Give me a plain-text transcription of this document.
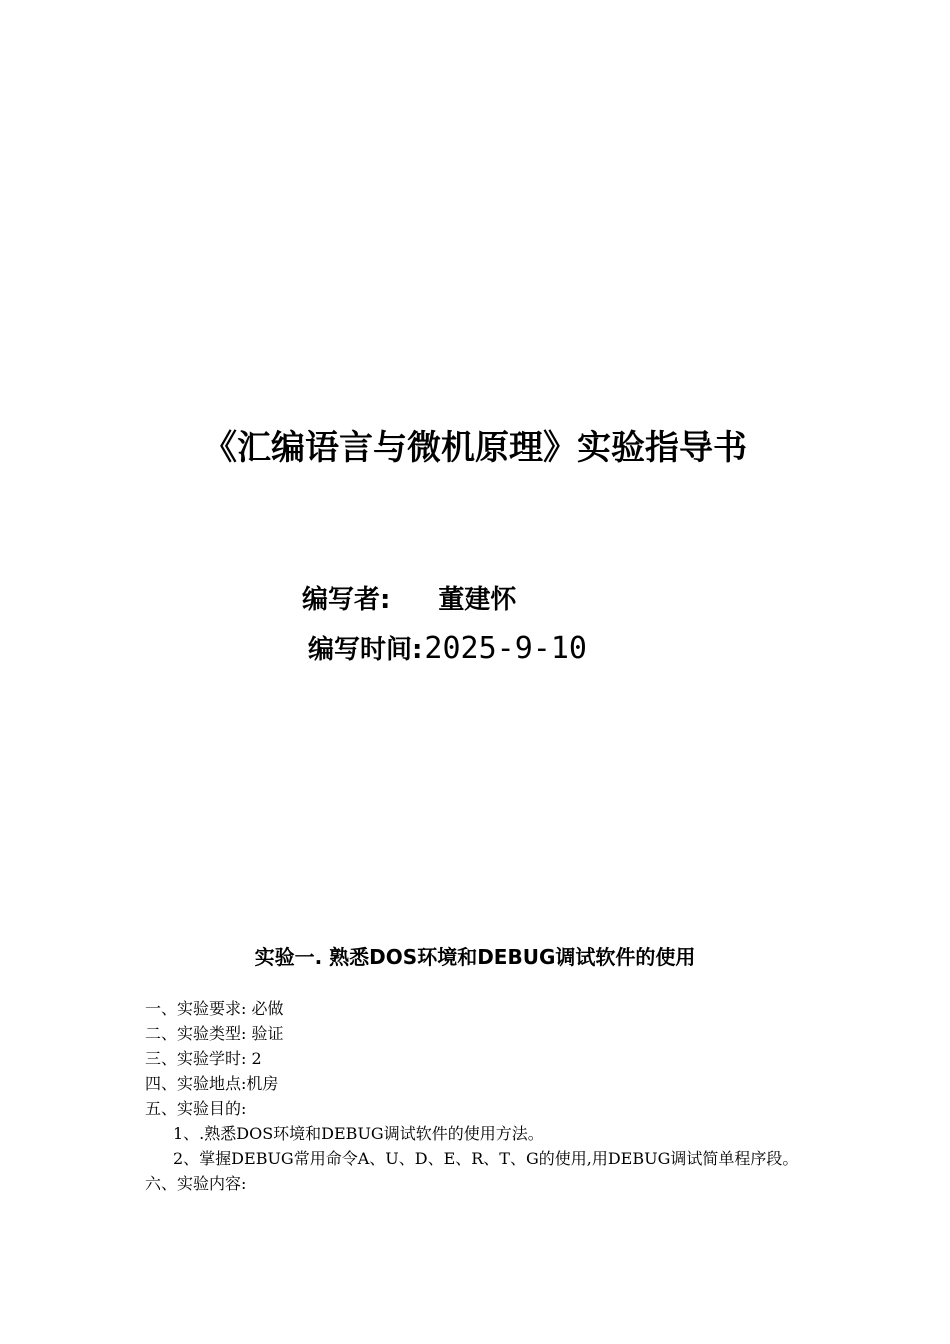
《汇编语言与微机原理》实验指导书
编写者: 董建怀
编写时间:2025-9-10
实验一. 熟悉DOS环境和DEBUG调试软件的使用

一、实验要求: 必做

二、实验类型: 验证

三、实验学时: 2

四、实验地点:机房

五、实验目的:

1、.熟悉DOS环境和DEBUG调试软件的使用方法。

2、掌握DEBUG常用命令A、U、D、E、R、T、G的使用,用DEBUG调试简单程序段。

六、实验内容:
